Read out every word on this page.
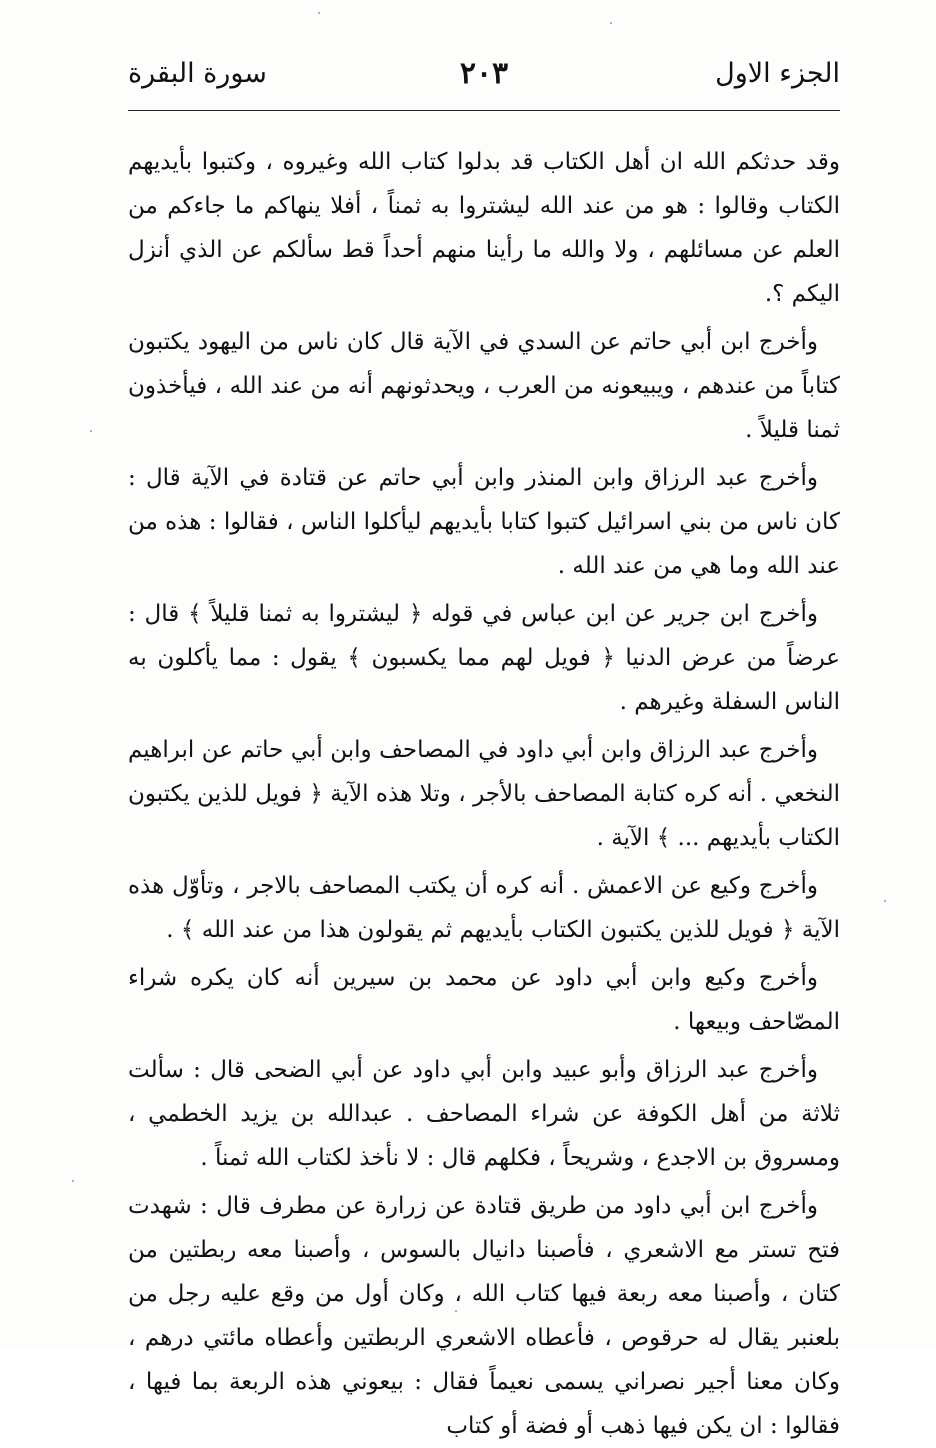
الجزء الاول
٢٠٣
سورة البقرة

وقد حدثكم الله ان أهل الكتاب قد بدلوا كتاب الله وغيروه ، وكتبوا بأيديهم الكتاب وقالوا : هو من عند الله ليشتروا به ثمناً ، أفلا ينهاكم ما جاءكم من العلم عن مسائلهم ، ولا والله ما رأينا منهم أحداً قط سألكم عن الذي أنزل اليكم ؟.

وأخرج ابن أبي حاتم عن السدي في الآية قال كان ناس من اليهود يكتبون كتاباً من عندهم ، ويبيعونه من العرب ، ويحدثونهم أنه من عند الله ، فيأخذون ثمنا قليلاً .

وأخرج عبد الرزاق وابن المنذر وابن أبي حاتم عن قتادة في الآية قال : كان ناس من بني اسرائيل كتبوا كتابا بأيديهم ليأكلوا الناس ، فقالوا : هذه من عند الله وما هي من عند الله .

وأخرج ابن جرير عن ابن عباس في قوله ﴿ ليشتروا به ثمنا قليلاً ﴾ قال : عرضاً من عرض الدنيا ﴿ فويل لهم مما يكسبون ﴾ يقول : مما يأكلون به الناس السفلة وغيرهم .

وأخرج عبد الرزاق وابن أبي داود في المصاحف وابن أبي حاتم عن ابراهيم النخعي . أنه كره كتابة المصاحف بالأجر ، وتلا هذه الآية ﴿ فويل للذين يكتبون الكتاب بأيديهم ... ﴾ الآية .

وأخرج وكيع عن الاعمش . أنه كره أن يكتب المصاحف بالاجر ، وتأوّل هذه الآية ﴿ فويل للذين يكتبون الكتاب بأيديهم ثم يقولون هذا من عند الله ﴾ .

وأخرج وكيع وابن أبي داود عن محمد بن سيرين أنه كان يكره شراء المصّاحف وبيعها .

وأخرج عبد الرزاق وأبو عبيد وابن أبي داود عن أبي الضحى قال : سألت ثلاثة من أهل الكوفة عن شراء المصاحف . عبدالله بن يزيد الخطمي ، ومسروق بن الاجدع ، وشريحاً ، فكلهم قال : لا نأخذ لكتاب الله ثمناً .

وأخرج ابن أبي داود من طريق قتادة عن زرارة عن مطرف قال : شهدت فتح تستر مع الاشعري ، فأصبنا دانيال بالسوس ، وأصبنا معه ربطتين من كتان ، وأصبنا معه ربعة فيها كتاب الله ، وكان أول من وقع عليه رجل من بلعنبر يقال له حرقوص ، فأعطاه الاشعري الربطتين وأعطاه مائتي درهم ، وكان معنا أجير نصراني يسمى نعيماً فقال : بيعوني هذه الربعة بما فيها ، فقالوا : ان يكن فيها ذهب أو فضة أو كتاب
